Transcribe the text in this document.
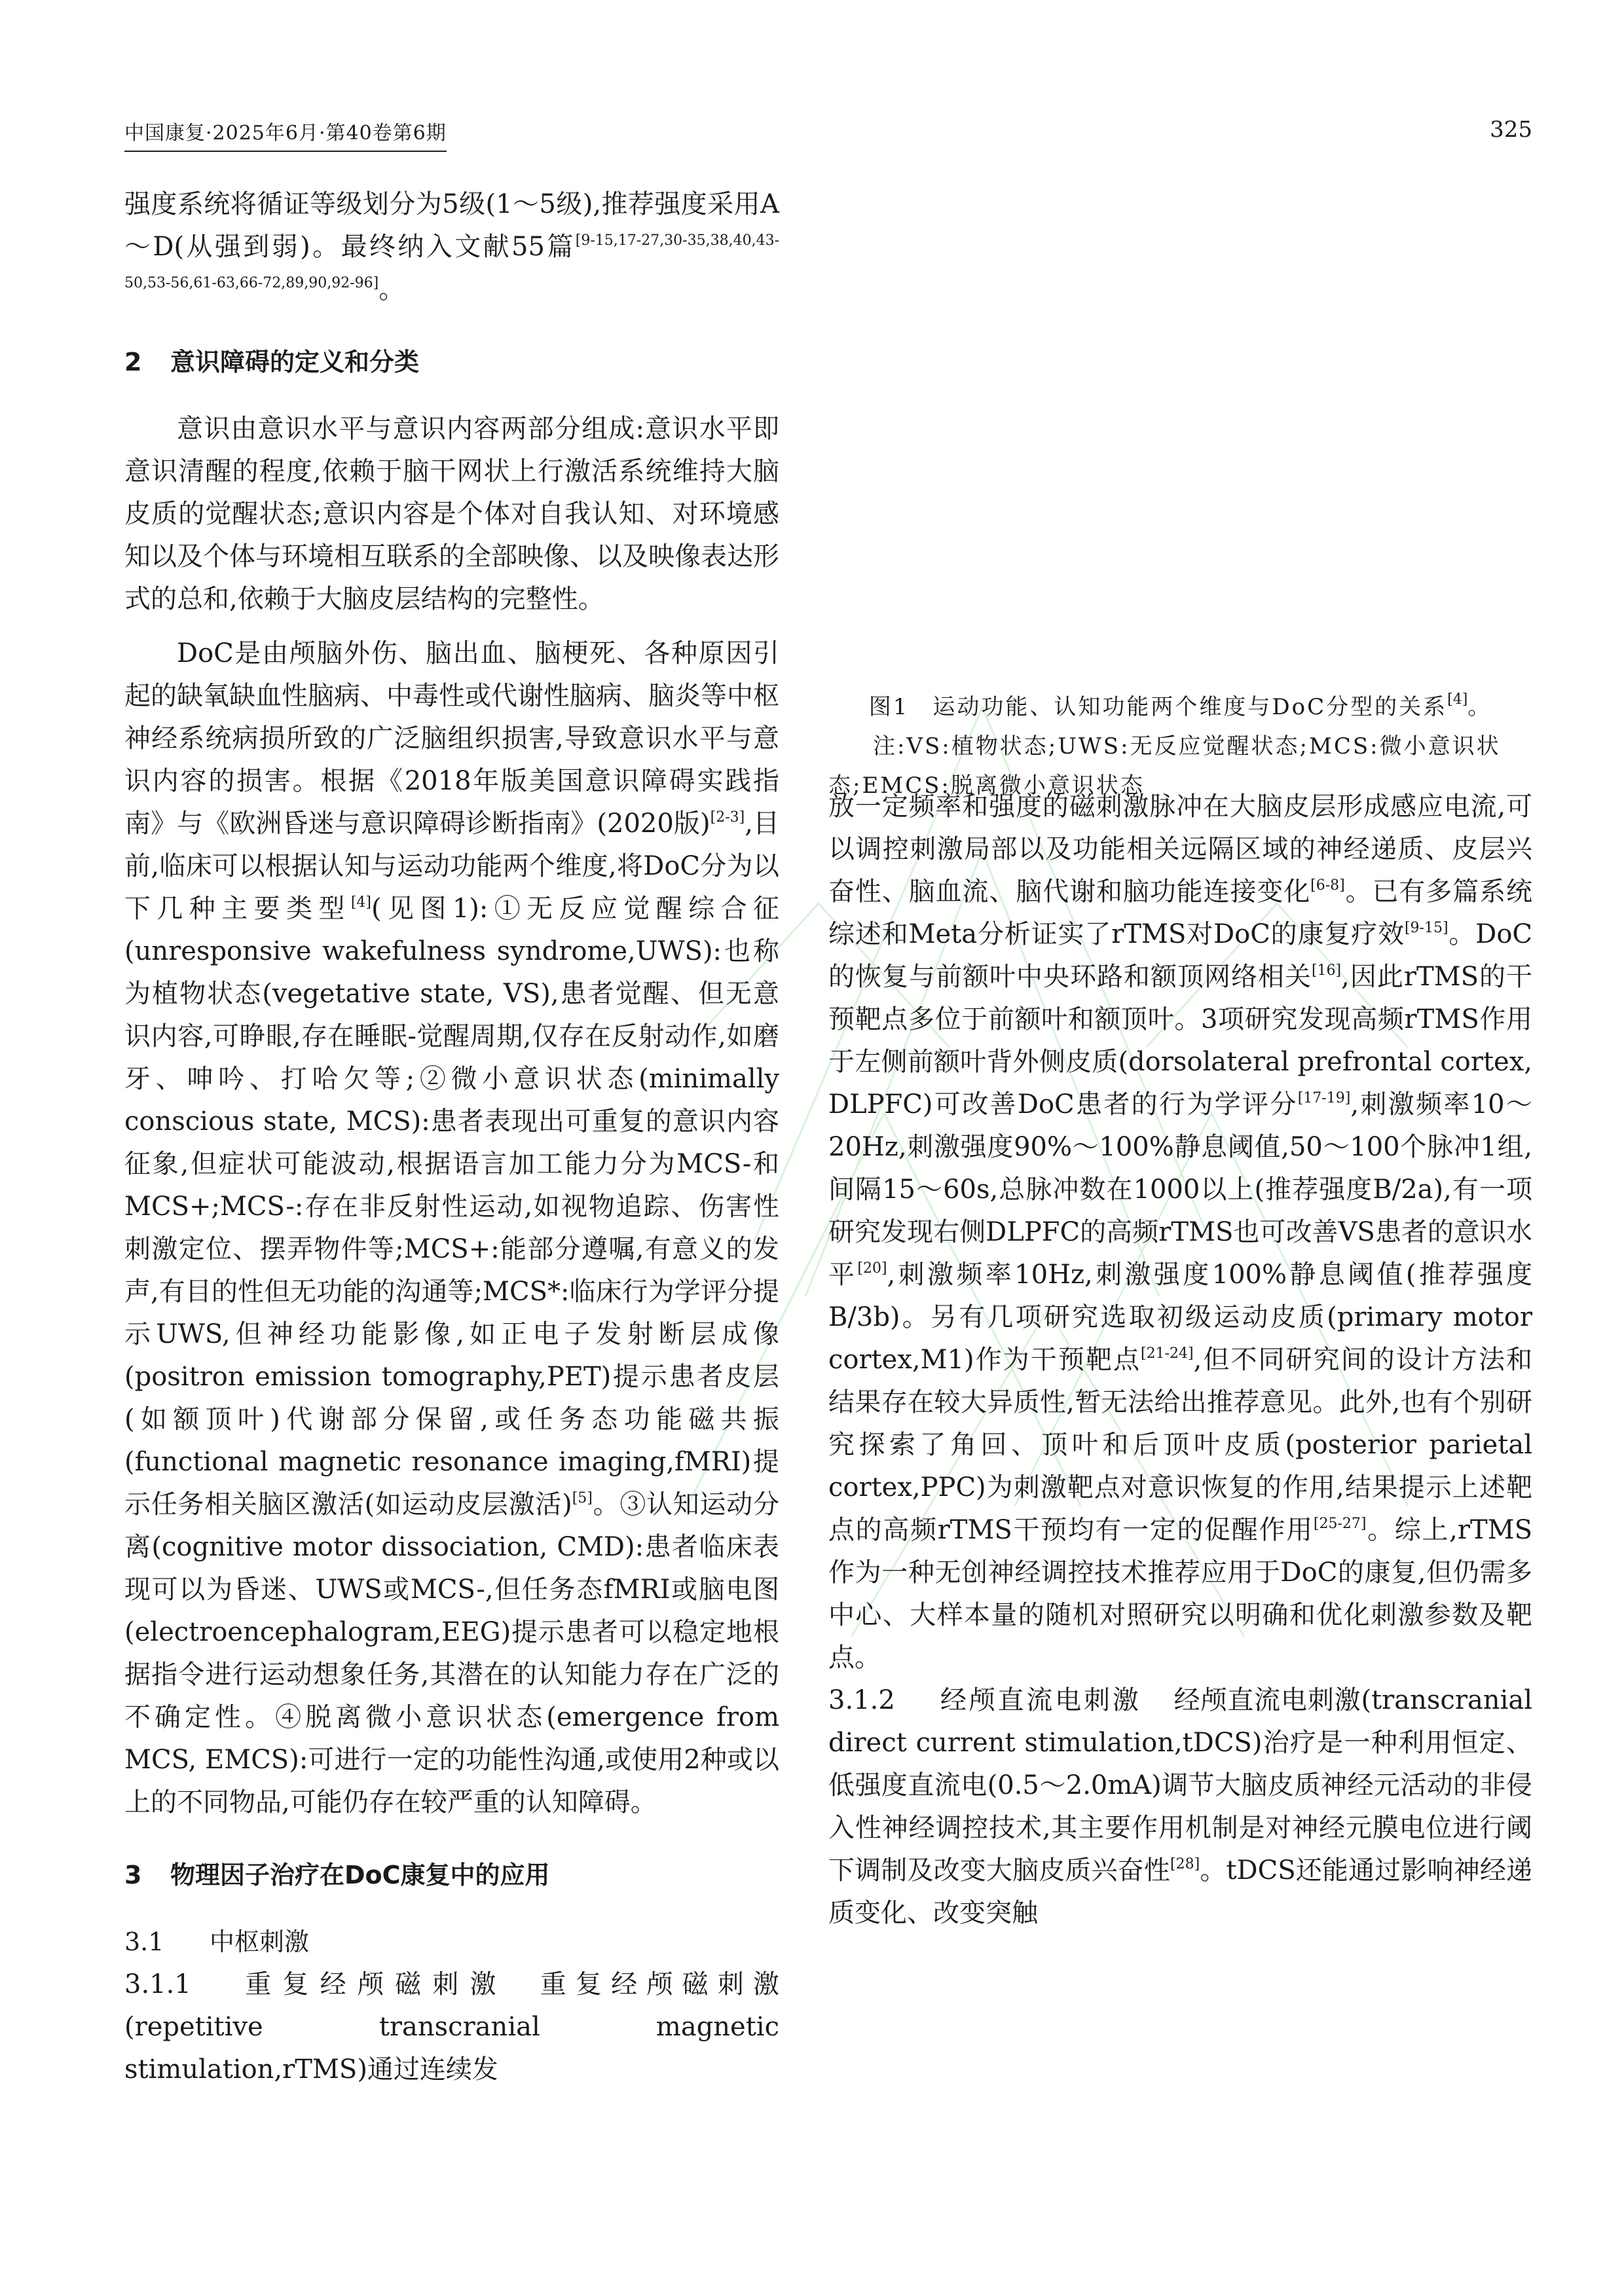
中国康复·2025年6月·第40卷第6期	325

图1 运动功能、认知功能两个维度与DoC分型的关系[4]。

注:VS:植物状态;UWS:无反应觉醒状态;MCS:微小意识状态;EMCS:脱离微小意识状态

强度系统将循证等级划分为5级(1～5级),推荐强度采用A～D(从强到弱)。最终纳入文献55篇[9-15,17-27,30-35,38,40,43-50,53-56,61-63,66-72,89,90,92-96]。

2 意识障碍的定义和分类

意识由意识水平与意识内容两部分组成:意识水平即意识清醒的程度,依赖于脑干网状上行激活系统维持大脑皮质的觉醒状态;意识内容是个体对自我认知、对环境感知以及个体与环境相互联系的全部映像、以及映像表达形式的总和,依赖于大脑皮层结构的完整性。

DoC是由颅脑外伤、脑出血、脑梗死、各种原因引起的缺氧缺血性脑病、中毒性或代谢性脑病、脑炎等中枢神经系统病损所致的广泛脑组织损害,导致意识水平与意识内容的损害。根据《2018年版美国意识障碍实践指南》与《欧洲昏迷与意识障碍诊断指南》(2020版)[2-3],目前,临床可以根据认知与运动功能两个维度,将DoC分为以下几种主要类型[4](见图1):①无反应觉醒综合征(unresponsive wakefulness syndrome,UWS):也称为植物状态(vegetative state, VS),患者觉醒、但无意识内容,可睁眼,存在睡眠-觉醒周期,仅存在反射动作,如磨牙、呻吟、打哈欠等;②微小意识状态(minimally conscious state, MCS):患者表现出可重复的意识内容征象,但症状可能波动,根据语言加工能力分为MCS-和MCS+;MCS-:存在非反射性运动,如视物追踪、伤害性刺激定位、摆弄物件等;MCS+:能部分遵嘱,有意义的发声,有目的性但无功能的沟通等;MCS*:临床行为学评分提示UWS,但神经功能影像,如正电子发射断层成像(positron emission tomography,PET)提示患者皮层(如额顶叶)代谢部分保留,或任务态功能磁共振(functional magnetic resonance imaging,fMRI)提示任务相关脑区激活(如运动皮层激活)[5]。③认知运动分离(cognitive motor dissociation, CMD):患者临床表现可以为昏迷、UWS或MCS-,但任务态fMRI或脑电图(electroencephalogram,EEG)提示患者可以稳定地根据指令进行运动想象任务,其潜在的认知能力存在广泛的不确定性。④脱离微小意识状态(emergence from MCS, EMCS):可进行一定的功能性沟通,或使用2种或以上的不同物品,可能仍存在较严重的认知障碍。

3 物理因子治疗在DoC康复中的应用
3.1 中枢刺激

3.1.1 重复经颅磁刺激 重复经颅磁刺激(repetitive transcranial magnetic stimulation,rTMS)通过连续发

放一定频率和强度的磁刺激脉冲在大脑皮层形成感应电流,可以调控刺激局部以及功能相关远隔区域的神经递质、皮层兴奋性、脑血流、脑代谢和脑功能连接变化[6-8]。已有多篇系统综述和Meta分析证实了rTMS对DoC的康复疗效[9-15]。DoC的恢复与前额叶中央环路和额顶网络相关[16],因此rTMS的干预靶点多位于前额叶和额顶叶。3项研究发现高频rTMS作用于左侧前额叶背外侧皮质(dorsolateral prefrontal cortex, DLPFC)可改善DoC患者的行为学评分[17-19],刺激频率10～20Hz,刺激强度90%～100%静息阈值,50～100个脉冲1组,间隔15～60s,总脉冲数在1000以上(推荐强度B/2a),有一项研究发现右侧DLPFC的高频rTMS也可改善VS患者的意识水平[20],刺激频率10Hz,刺激强度100%静息阈值(推荐强度B/3b)。另有几项研究选取初级运动皮质(primary motor cortex,M1)作为干预靶点[21-24],但不同研究间的设计方法和结果存在较大异质性,暂无法给出推荐意见。此外,也有个别研究探索了角回、顶叶和后顶叶皮质(posterior parietal cortex,PPC)为刺激靶点对意识恢复的作用,结果提示上述靶点的高频rTMS干预均有一定的促醒作用[25-27]。综上,rTMS作为一种无创神经调控技术推荐应用于DoC的康复,但仍需多中心、大样本量的随机对照研究以明确和优化刺激参数及靶点。

3.1.2 经颅直流电刺激 经颅直流电刺激(transcranial direct current stimulation,tDCS)治疗是一种利用恒定、低强度直流电(0.5～2.0mA)调节大脑皮质神经元活动的非侵入性神经调控技术,其主要作用机制是对神经元膜电位进行阈下调制及改变大脑皮质兴奋性[28]。tDCS还能通过影响神经递质变化、改变突触
